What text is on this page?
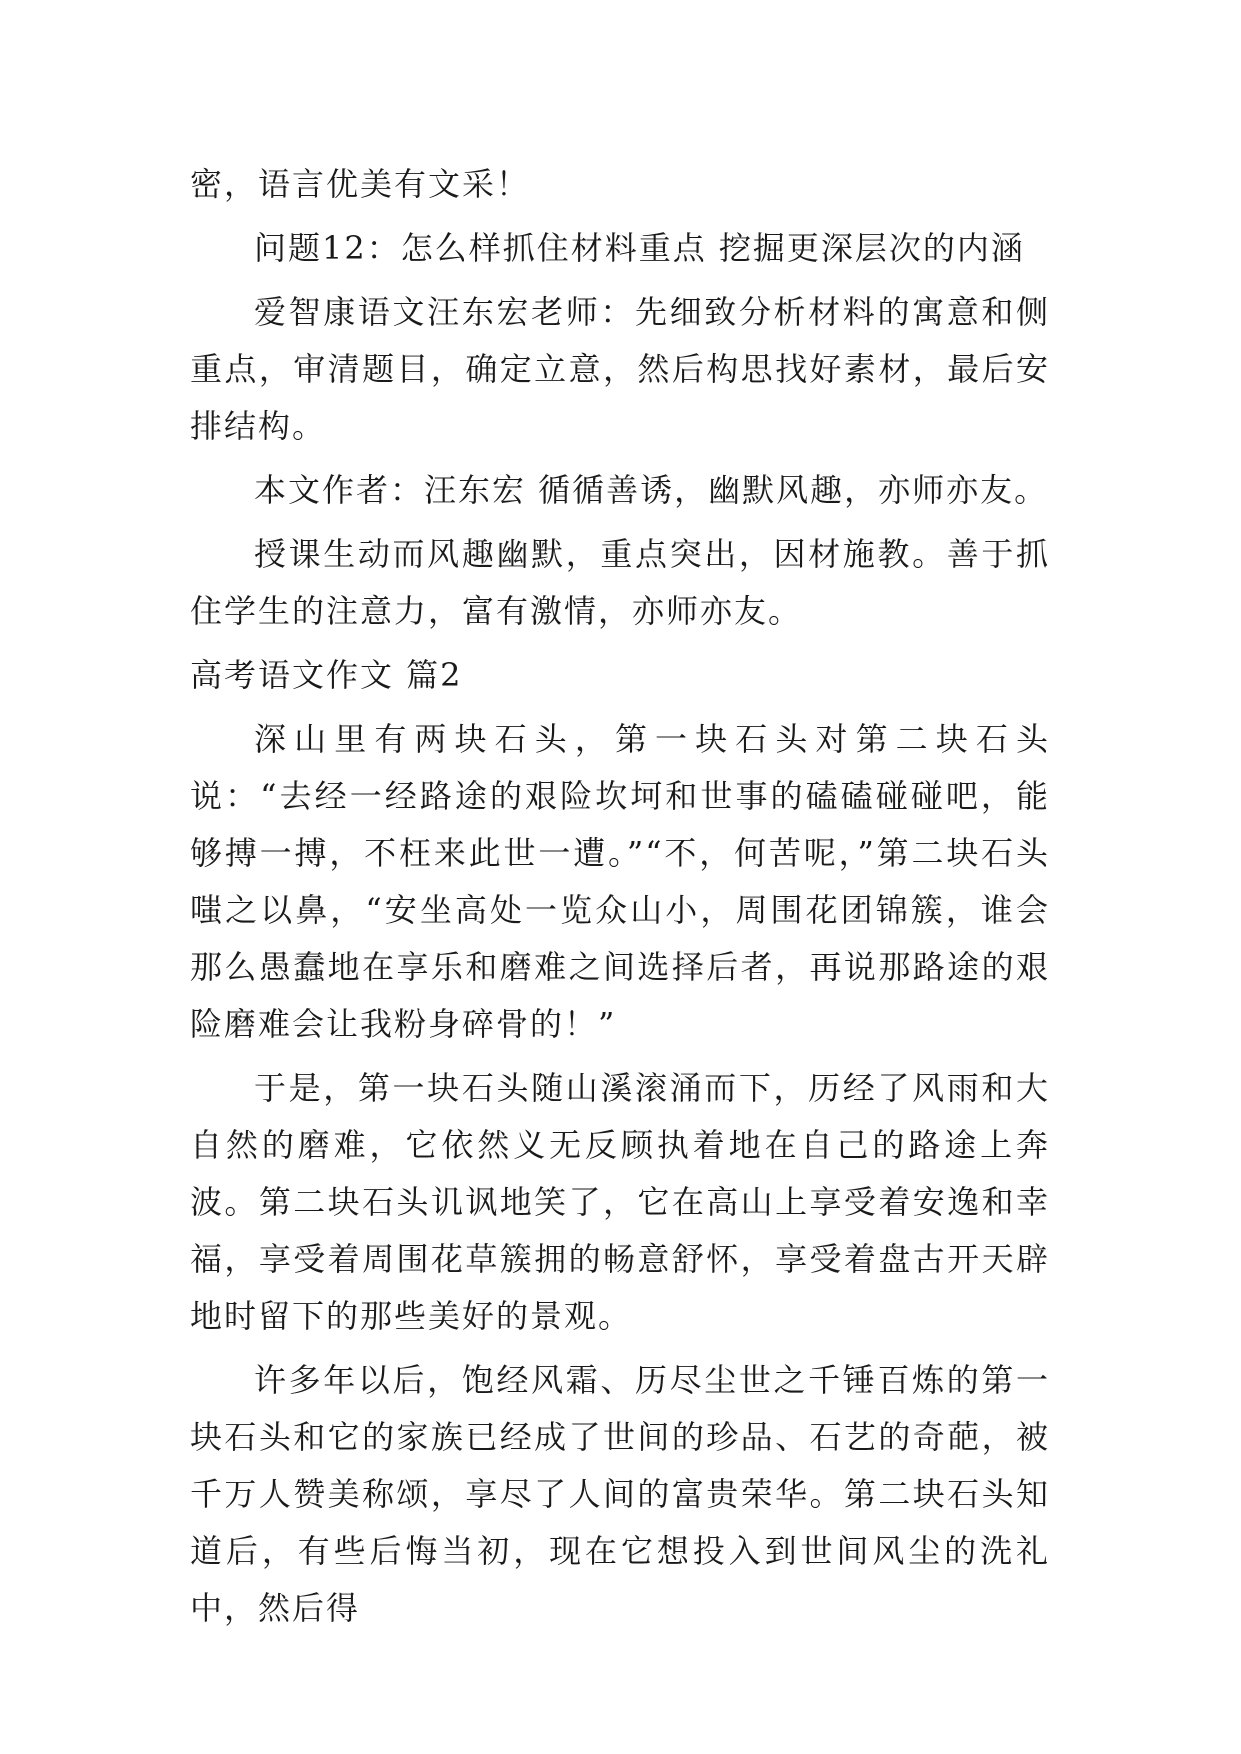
密，语言优美有文采！

问题12：怎么样抓住材料重点 挖掘更深层次的内涵

爱智康语文汪东宏老师：先细致分析材料的寓意和侧重点，审清题目，确定立意，然后构思找好素材，最后安排结构。

本文作者：汪东宏 循循善诱，幽默风趣，亦师亦友。

授课生动而风趣幽默，重点突出，因材施教。善于抓住学生的注意力，富有激情，亦师亦友。

高考语文作文 篇2

深山里有两块石头，第一块石头对第二块石头说：“去经一经路途的艰险坎坷和世事的磕磕碰碰吧，能够搏一搏，不枉来此世一遭。”“不，何苦呢，”第二块石头嗤之以鼻，“安坐高处一览众山小，周围花团锦簇，谁会那么愚蠢地在享乐和磨难之间选择后者，再说那路途的艰险磨难会让我粉身碎骨的！”

于是，第一块石头随山溪滚涌而下，历经了风雨和大自然的磨难，它依然义无反顾执着地在自己的路途上奔波。第二块石头讥讽地笑了，它在高山上享受着安逸和幸福，享受着周围花草簇拥的畅意舒怀，享受着盘古开天辟地时留下的那些美好的景观。

许多年以后，饱经风霜、历尽尘世之千锤百炼的第一块石头和它的家族已经成了世间的珍品、石艺的奇葩，被千万人赞美称颂，享尽了人间的富贵荣华。第二块石头知道后，有些后悔当初，现在它想投入到世间风尘的洗礼中，然后得
